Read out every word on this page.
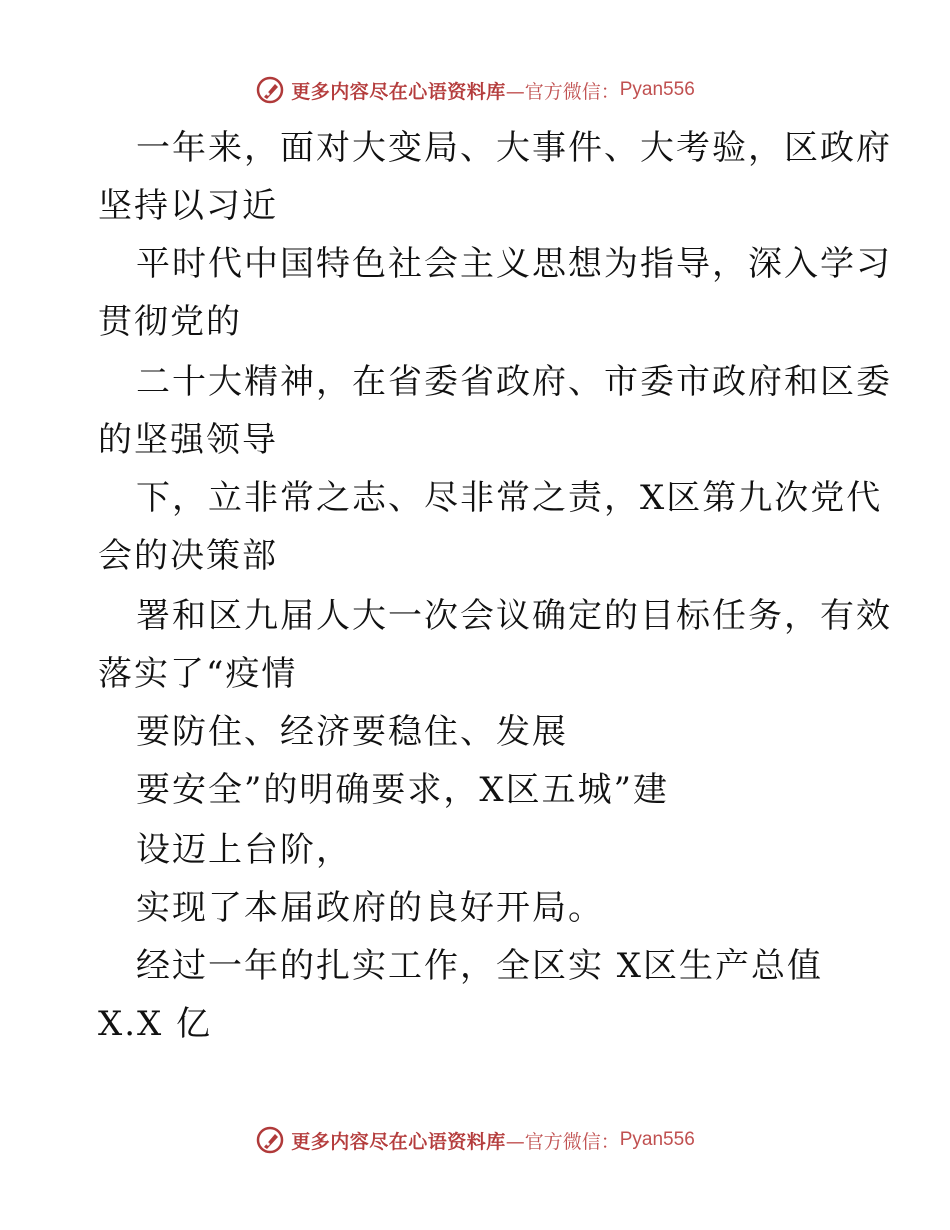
更多内容尽在心语资料库 —官方微信： Pyan556
一年来，面对大变局、大事件、大考验，区政府
坚持以习近
平时代中国特色社会主义思想为指导，深入学习
贯彻党的
二十大精神，在省委省政府、市委市政府和区委
的坚强领导
下，立非常之志、尽非常之责，X区第九次党代
会的决策部
署和区九届人大一次会议确定的目标任务，有效
落实了“疫情
要防住、经济要稳住、发展
要安全”的明确要求，X区五城”建
设迈上台阶，
实现了本届政府的良好开局。
经过一年的扎实工作，全区实 X区生产总值
X.X 亿
更多内容尽在心语资料库 —官方微信： Pyan556
